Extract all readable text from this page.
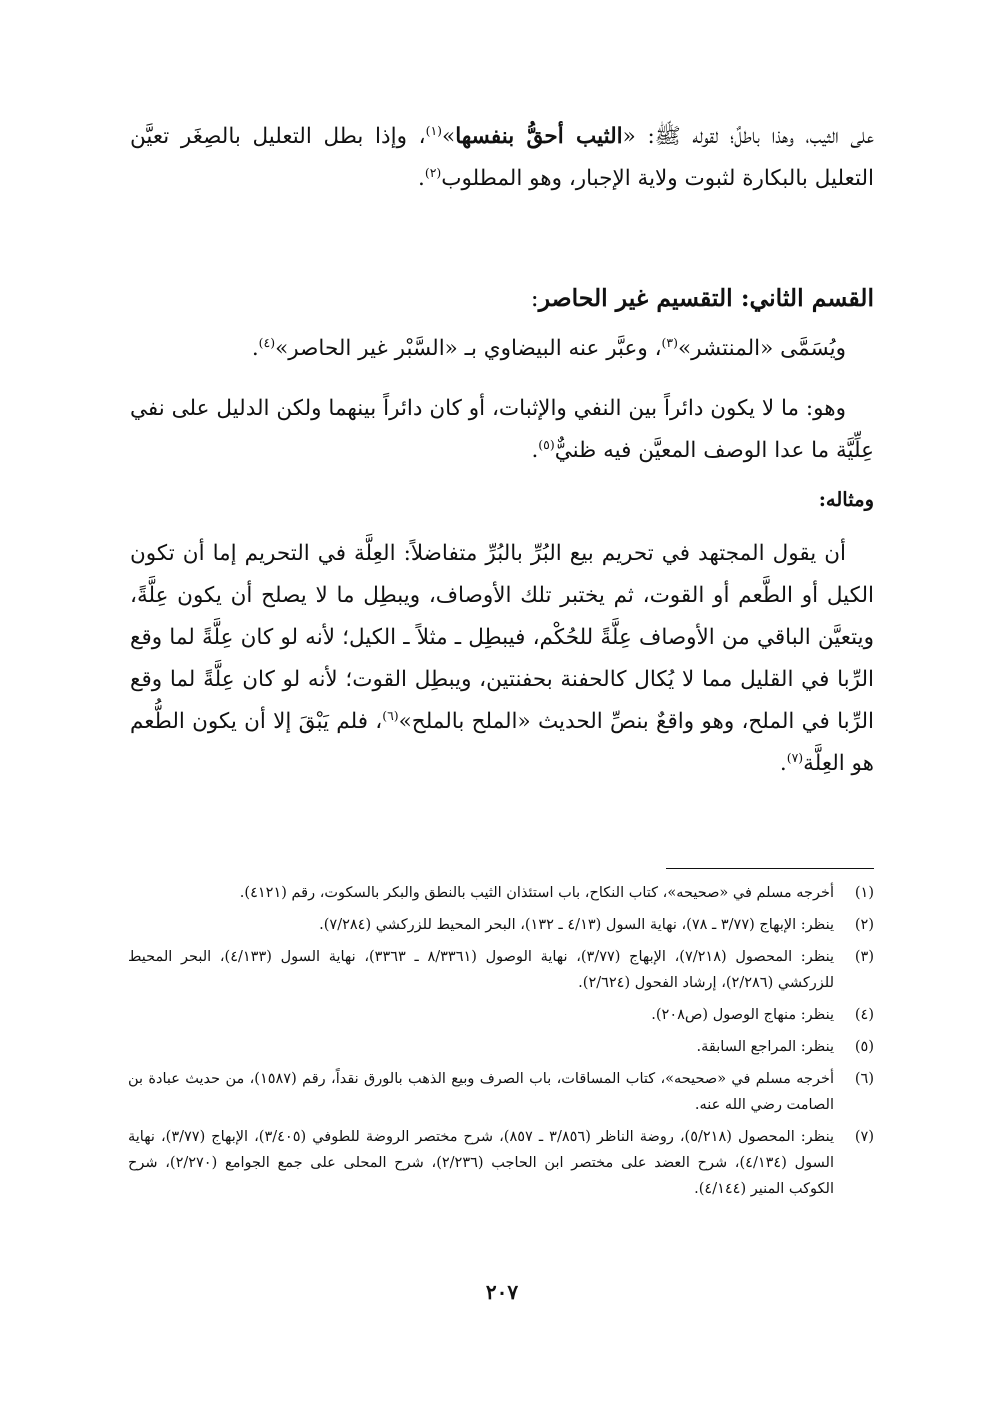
على الثيب، وهذا باطلٌ؛ لقوله ﷺ: «الثيب أحقُّ بنفسها»$^{(١)}$، وإذا بطل التعليل بالصِغَر تعيَّن التعليل بالبكارة لثبوت ولاية الإجبار، وهو المطلوب$^{(٢)}$.

القسم الثاني: التقسيم غير الحاصر:

ويُسَمَّى «المنتشر»$^{(٣)}$، وعبَّر عنه البيضاوي بـ «السَّبْر غير الحاصر»$^{(٤)}$.

وهو: ما لا يكون دائراً بين النفي والإثبات، أو كان دائراً بينهما ولكن الدليل على نفي عِلِّيَّة ما عدا الوصف المعيَّن فيه ظنيٌّ$^{(٥)}$.

ومثاله:

أن يقول المجتهد في تحريم بيع البُرِّ بالبُرِّ متفاضلاً: العِلَّة في التحريم إما أن تكون الكيل أو الطَّعم أو القوت، ثم يختبر تلك الأوصاف، ويبطِل ما لا يصلح أن يكون عِلَّةً، ويتعيَّن الباقي من الأوصاف عِلَّةً للحُكْم، فيبطِل ـ مثلاً ـ الكيل؛ لأنه لو كان عِلَّةً لما وقع الرِّبا في القليل مما لا يُكال كالحفنة بحفنتين، ويبطِل القوت؛ لأنه لو كان عِلَّةً لما وقع الرِّبا في الملح، وهو واقعٌ بنصِّ الحديث «الملح بالملح»$^{(٦)}$، فلم يَبْقَ إلا أن يكون الطُّعم هو العِلَّة$^{(٧)}$.

(١)
أخرجه مسلم في «صحيحه»، كتاب النكاح، باب استئذان الثيب بالنطق والبكر بالسكوت، رقم (٤١٢١).
(٢)
ينظر: الإبهاج (٣/٧٧ ـ ٧٨)، نهاية السول (٤/١٣ ـ ١٣٢)، البحر المحيط للزركشي (٧/٢٨٤).
(٣)
ينظر: المحصول (٧/٢١٨)، الإبهاج (٣/٧٧)، نهاية الوصول (٨/٣٣٦١ ـ ٣٣٦٣)، نهاية السول (٤/١٣٣)، البحر المحيط للزركشي (٢/٢٨٦)، إرشاد الفحول (٢/٦٢٤).
(٤)
ينظر: منهاج الوصول (ص٢٠٨).
(٥)
ينظر: المراجع السابقة.
(٦)
أخرجه مسلم في «صحيحه»، كتاب المساقات، باب الصرف وبيع الذهب بالورق نقداً، رقم (١٥٨٧)، من حديث عبادة بن الصامت رضي الله عنه.
(٧)
ينظر: المحصول (٥/٢١٨)، روضة الناظر (٣/٨٥٦ ـ ٨٥٧)، شرح مختصر الروضة للطوفي (٣/٤٠٥)، الإبهاج (٣/٧٧)، نهاية السول (٤/١٣٤)، شرح العضد على مختصر ابن الحاجب (٢/٢٣٦)، شرح المحلى على جمع الجوامع (٢/٢٧٠)، شرح الكوكب المنير (٤/١٤٤).
٢٠٧
